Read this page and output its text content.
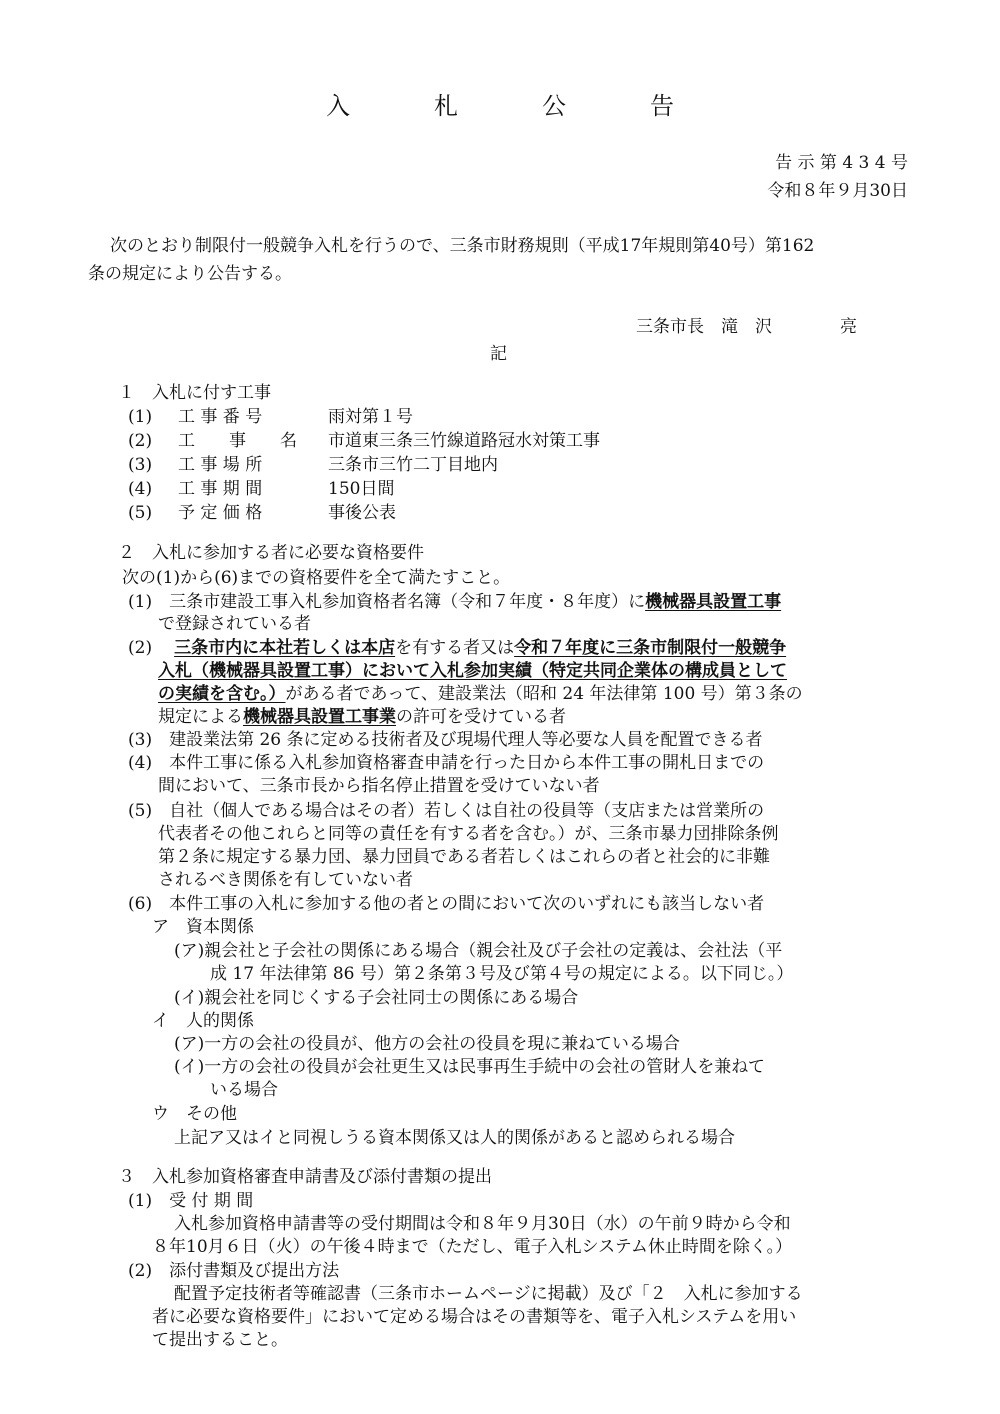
入　札　公　告
告 示 第 4 3 4 号
令和８年９月30日
次のとおり制限付一般競争入札を行うので、三条市財務規則（平成17年規則第40号）第162
条の規定により公告する。
三条市長　滝　沢　　　　亮
記
１　入札に付す工事
(1) 工 事 番 号	雨対第１号
(2) 工　　事　　名 市道東三条三竹線道路冠水対策工事
(3) 工 事 場 所	三条市三竹二丁目地内
(4) 工 事 期 間	150日間
(5) 予 定 価 格	事後公表
２　入札に参加する者に必要な資格要件
次の(1)から(6)までの資格要件を全て満たすこと。
(1)　三条市建設工事入札参加資格者名簿（令和７年度・８年度）に機械器具設置工事
で登録されている者
(2) 三条市内に本社若しくは本店を有する者又は令和７年度に三条市制限付一般競争
入札（機械器具設置工事）において入札参加実績（特定共同企業体の構成員として
の実績を含む。）がある者であって、建設業法（昭和 24 年法律第 100 号）第３条の
規定による機械器具設置工事業の許可を受けている者
(3)　建設業法第 26 条に定める技術者及び現場代理人等必要な人員を配置できる者
(4)　本件工事に係る入札参加資格審査申請を行った日から本件工事の開札日までの
間において、三条市長から指名停止措置を受けていない者
(5)　自社（個人である場合はその者）若しくは自社の役員等（支店または営業所の
代表者その他これらと同等の責任を有する者を含む。）が、三条市暴力団排除条例
第２条に規定する暴力団、暴力団員である者若しくはこれらの者と社会的に非難
されるべき関係を有していない者
(6)　本件工事の入札に参加する他の者との間において次のいずれにも該当しない者
ア　資本関係
(ア)親会社と子会社の関係にある場合（親会社及び子会社の定義は、会社法（平
成 17 年法律第 86 号）第２条第３号及び第４号の規定による。以下同じ。）
(イ)親会社を同じくする子会社同士の関係にある場合
イ　人的関係
(ア)一方の会社の役員が、他方の会社の役員を現に兼ねている場合
(イ)一方の会社の役員が会社更生又は民事再生手続中の会社の管財人を兼ねて
いる場合
ウ　その他
上記ア又はイと同視しうる資本関係又は人的関係があると認められる場合
３　入札参加資格審査申請書及び添付書類の提出
(1)　受 付 期 間
入札参加資格申請書等の受付期間は令和８年９月30日（水）の午前９時から令和
８年10月６日（火）の午後４時まで（ただし、電子入札システム休止時間を除く。）
(2)　添付書類及び提出方法
配置予定技術者等確認書（三条市ホームページに掲載）及び「２　入札に参加する
者に必要な資格要件」において定める場合はその書類等を、電子入札システムを用い
て提出すること。
